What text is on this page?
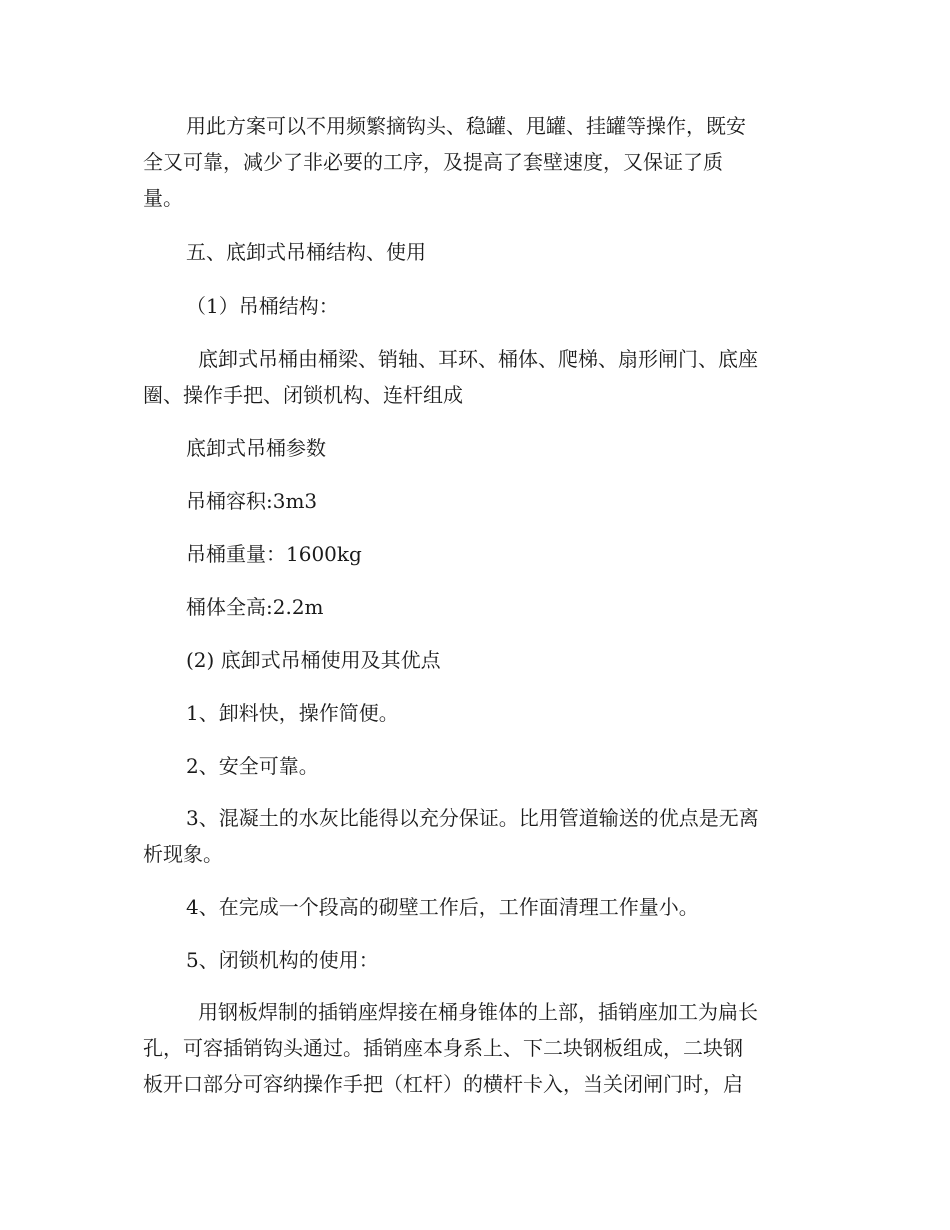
用此方案可以不用频繁摘钩头、稳罐、甩罐、挂罐等操作，既安
全又可靠，减少了非必要的工序，及提高了套壁速度，又保证了质
量。

五、底卸式吊桶结构、使用

（1）吊桶结构：

底卸式吊桶由桶梁、销轴、耳环、桶体、爬梯、扇形闸门、底座
圈、操作手把、闭锁机构、连杆组成

底卸式吊桶参数

吊桶容积:3m3

吊桶重量：1600kg

桶体全高:2.2m

(2) 底卸式吊桶使用及其优点

1、卸料快，操作简便。

2、安全可靠。

3、混凝土的水灰比能得以充分保证。比用管道输送的优点是无离
析现象。

4、在完成一个段高的砌壁工作后，工作面清理工作量小。

5、闭锁机构的使用：

用钢板焊制的插销座焊接在桶身锥体的上部，插销座加工为扁长
孔，可容插销钩头通过。插销座本身系上、下二块钢板组成，二块钢
板开口部分可容纳操作手把（杠杆）的横杆卡入，当关闭闸门时，启
